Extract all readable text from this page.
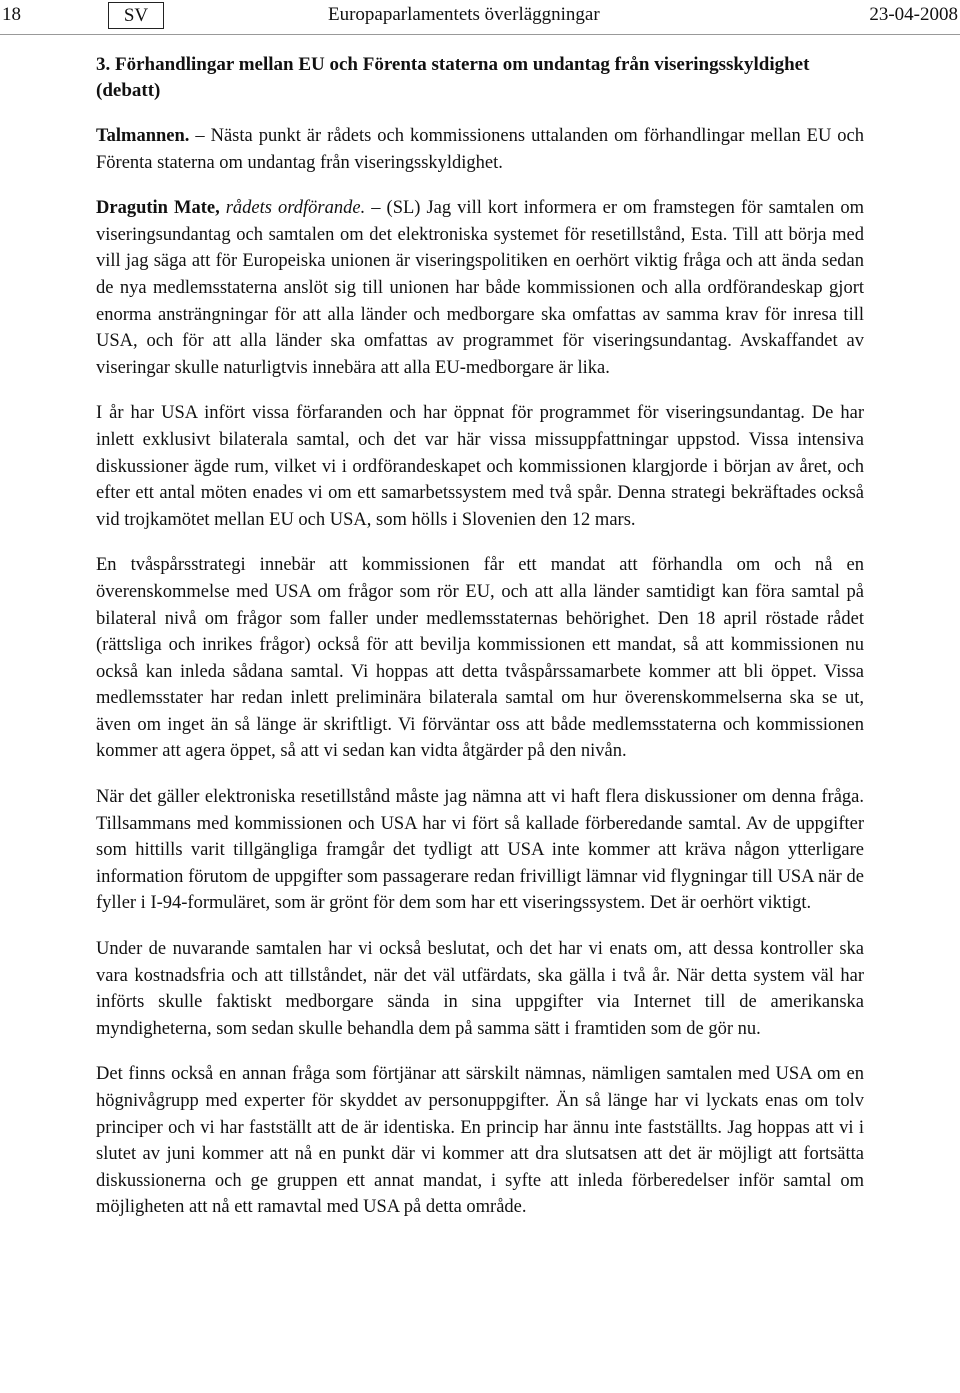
18	SV	Europaparlamentets överläggningar	23-04-2008
3. Förhandlingar mellan EU och Förenta staterna om undantag från viseringsskyldighet (debatt)

Talmannen. – Nästa punkt är rådets och kommissionens uttalanden om förhandlingar mellan EU och Förenta staterna om undantag från viseringsskyldighet.

Dragutin Mate, rådets ordförande. – (SL) Jag vill kort informera er om framstegen för samtalen om viseringsundantag och samtalen om det elektroniska systemet för resetillstånd, Esta. Till att börja med vill jag säga att för Europeiska unionen är viseringspolitiken en oerhört viktig fråga och att ända sedan de nya medlemsstaterna anslöt sig till unionen har både kommissionen och alla ordförandeskap gjort enorma ansträngningar för att alla länder och medborgare ska omfattas av samma krav för inresa till USA, och för att alla länder ska omfattas av programmet för viseringsundantag. Avskaffandet av viseringar skulle naturligtvis innebära att alla EU-medborgare är lika.

I år har USA infört vissa förfaranden och har öppnat för programmet för viseringsundantag. De har inlett exklusivt bilaterala samtal, och det var här vissa missuppfattningar uppstod. Vissa intensiva diskussioner ägde rum, vilket vi i ordförandeskapet och kommissionen klargjorde i början av året, och efter ett antal möten enades vi om ett samarbetssystem med två spår. Denna strategi bekräftades också vid trojkamötet mellan EU och USA, som hölls i Slovenien den 12 mars.

En tvåspårsstrategi innebär att kommissionen får ett mandat att förhandla om och nå en överenskommelse med USA om frågor som rör EU, och att alla länder samtidigt kan föra samtal på bilateral nivå om frågor som faller under medlemsstaternas behörighet. Den 18 april röstade rådet (rättsliga och inrikes frågor) också för att bevilja kommissionen ett mandat, så att kommissionen nu också kan inleda sådana samtal. Vi hoppas att detta tvåspårssamarbete kommer att bli öppet. Vissa medlemsstater har redan inlett preliminära bilaterala samtal om hur överenskommelserna ska se ut, även om inget än så länge är skriftligt. Vi förväntar oss att både medlemsstaterna och kommissionen kommer att agera öppet, så att vi sedan kan vidta åtgärder på den nivån.

När det gäller elektroniska resetillstånd måste jag nämna att vi haft flera diskussioner om denna fråga. Tillsammans med kommissionen och USA har vi fört så kallade förberedande samtal. Av de uppgifter som hittills varit tillgängliga framgår det tydligt att USA inte kommer att kräva någon ytterligare information förutom de uppgifter som passagerare redan frivilligt lämnar vid flygningar till USA när de fyller i I-94-formuläret, som är grönt för dem som har ett viseringssystem. Det är oerhört viktigt.

Under de nuvarande samtalen har vi också beslutat, och det har vi enats om, att dessa kontroller ska vara kostnadsfria och att tillståndet, när det väl utfärdats, ska gälla i två år. När detta system väl har införts skulle faktiskt medborgare sända in sina uppgifter via Internet till de amerikanska myndigheterna, som sedan skulle behandla dem på samma sätt i framtiden som de gör nu.

Det finns också en annan fråga som förtjänar att särskilt nämnas, nämligen samtalen med USA om en högnivågrupp med experter för skyddet av personuppgifter. Än så länge har vi lyckats enas om tolv principer och vi har fastställt att de är identiska. En princip har ännu inte fastställts. Jag hoppas att vi i slutet av juni kommer att nå en punkt där vi kommer att dra slutsatsen att det är möjligt att fortsätta diskussionerna och ge gruppen ett annat mandat, i syfte att inleda förberedelser inför samtal om möjligheten att nå ett ramavtal med USA på detta område.
